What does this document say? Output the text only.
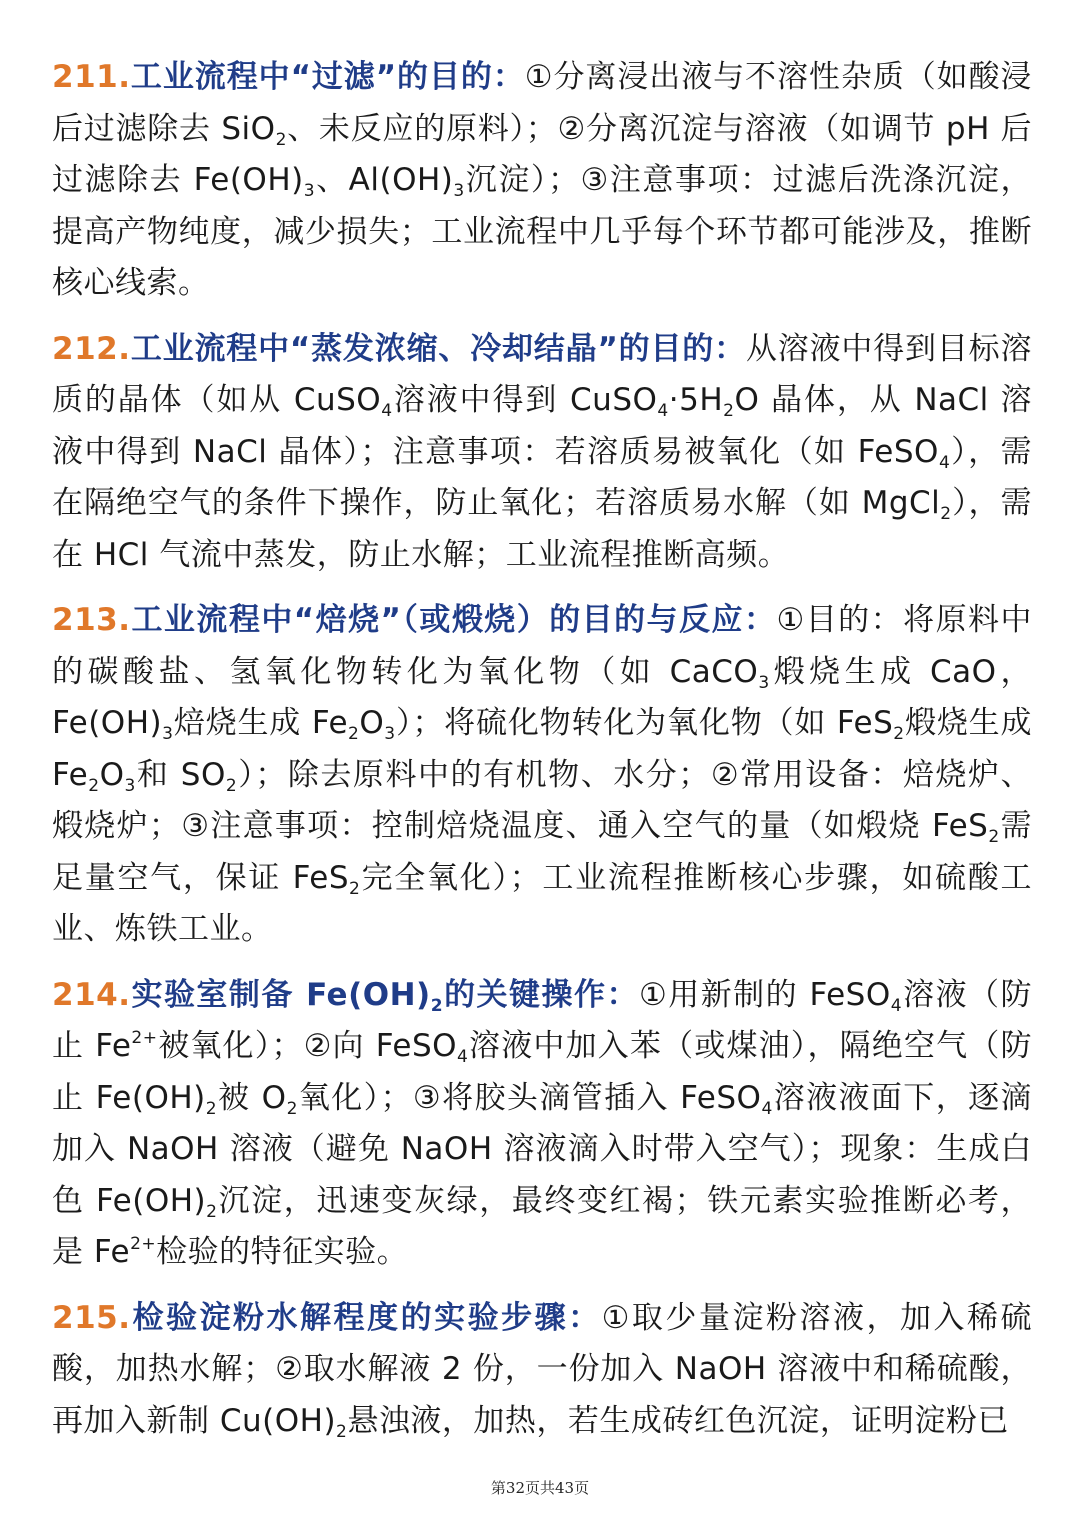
211.工业流程中“过滤”的目的：①分离浸出液与不溶性杂质（如酸浸后过滤除去 SiO$_2$、未反应的原料）；②分离沉淀与溶液（如调节 pH 后过滤除去 $Fe(OH)_3$、$Al(OH)_3$沉淀）；③注意事项：过滤后洗涤沉淀，提高产物纯度，减少损失；工业流程中几乎每个环节都可能涉及，推断核心线索。

212.工业流程中“蒸发浓缩、冷却结晶”的目的：从溶液中得到目标溶质的晶体（如从 CuSO$_4$溶液中得到 $CuSO_4\cdot 5H_2O$ 晶体，从 NaCl 溶液中得到 NaCl 晶体）；注意事项：若溶质易被氧化（如 FeSO$_4$），需在隔绝空气的条件下操作，防止氧化；若溶质易水解（如 MgCl$_2$），需在 HCl 气流中蒸发，防止水解；工业流程推断高频。

213.工业流程中“焙烧”（或煅烧）的目的与反应：①目的：将原料中的碳酸盐、氢氧化物转化为氧化物（如 CaCO$_3$煅烧生成 CaO，$Fe(OH)_3$焙烧生成 $Fe_2O_3$）；将硫化物转化为氧化物（如 FeS$_2$煅烧生成 $Fe_2O_3$和 $SO_2$）；除去原料中的有机物、水分；②常用设备：焙烧炉、煅烧炉；③注意事项：控制焙烧温度、通入空气的量（如煅烧 FeS$_2$需足量空气，保证 FeS$_2$完全氧化）；工业流程推断核心步骤，如硫酸工业、炼铁工业。

214.实验室制备 $Fe(OH)_2$的关键操作：①用新制的 FeSO$_4$溶液（防止 $Fe^{2+}$被氧化）；②向 FeSO$_4$溶液中加入苯（或煤油），隔绝空气（防止 $Fe(OH)_2$被 $O_2$氧化）；③将胶头滴管插入 FeSO$_4$溶液液面下，逐滴加入 NaOH 溶液（避免 NaOH 溶液滴入时带入空气）；现象：生成白色 $Fe(OH)_2$沉淀，迅速变灰绿，最终变红褐；铁元素实验推断必考，是 $Fe^{2+}$检验的特征实验。

215.检验淀粉水解程度的实验步骤：①取少量淀粉溶液，加入稀硫酸，加热水解；②取水解液 2 份，一份加入 NaOH 溶液中和稀硫酸，再加入新制 $Cu(OH)_2$悬浊液，加热，若生成砖红色沉淀，证明淀粉已

第32页共43页
